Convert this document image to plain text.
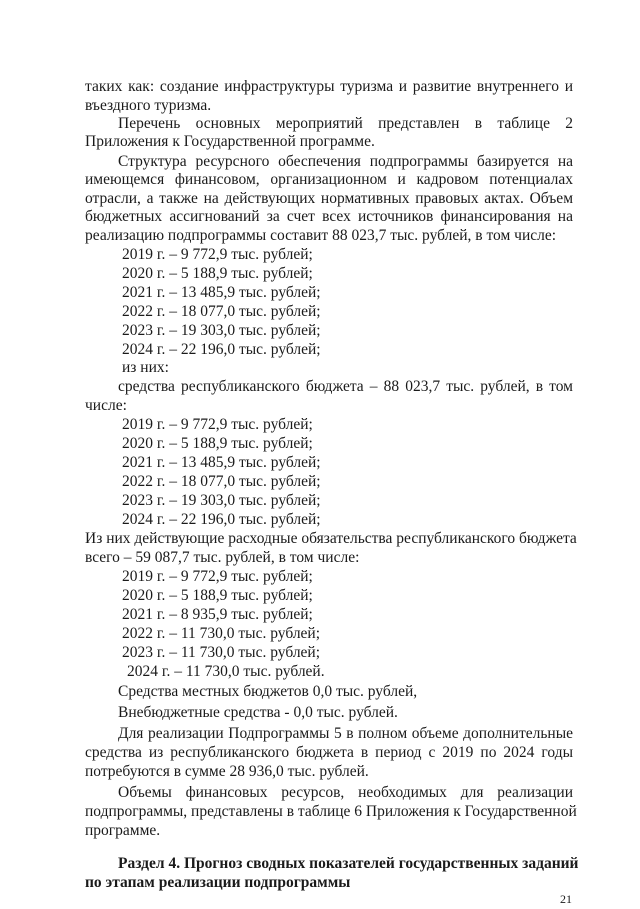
таких как: создание инфраструктуры туризма и развитие внутреннего и
въездного туризма.
Перечень основных мероприятий представлен в таблице 2
Приложения к Государственной программе.
Структура ресурсного обеспечения подпрограммы базируется на
имеющемся финансовом, организационном и кадровом потенциалах
отрасли, а также на действующих нормативных правовых актах. Объем
бюджетных ассигнований за счет всех источников финансирования на
реализацию подпрограммы составит 88 023,7 тыс. рублей, в том числе:
2019 г. – 9 772,9 тыс. рублей;
2020 г. – 5 188,9 тыс. рублей;
2021 г. – 13 485,9 тыс. рублей;
2022 г. – 18 077,0 тыс. рублей;
2023 г. – 19 303,0 тыс. рублей;
2024 г. – 22 196,0 тыс. рублей;
из них:
средства республиканского бюджета – 88 023,7 тыс. рублей, в том
числе:
2019 г. – 9 772,9 тыс. рублей;
2020 г. – 5 188,9 тыс. рублей;
2021 г. – 13 485,9 тыс. рублей;
2022 г. – 18 077,0 тыс. рублей;
2023 г. – 19 303,0 тыс. рублей;
2024 г. – 22 196,0 тыс. рублей;
Из них действующие расходные обязательства республиканского бюджета
всего – 59 087,7 тыс. рублей, в том числе:
2019 г. – 9 772,9 тыс. рублей;
2020 г. – 5 188,9 тыс. рублей;
2021 г. – 8 935,9 тыс. рублей;
2022 г. – 11 730,0 тыс. рублей;
2023 г. – 11 730,0 тыс. рублей;
2024 г. – 11 730,0 тыс. рублей.
Средства местных бюджетов 0,0 тыс. рублей,
Внебюджетные средства - 0,0 тыс. рублей.
Для реализации Подпрограммы 5 в полном объеме дополнительные
средства из республиканского бюджета в период с 2019 по 2024 годы
потребуются в сумме 28 936,0 тыс. рублей.
Объемы финансовых ресурсов, необходимых для реализации
подпрограммы, представлены в таблице 6 Приложения к Государственной
программе.
Раздел 4. Прогноз сводных показателей государственных заданий
по этапам реализации подпрограммы
21
